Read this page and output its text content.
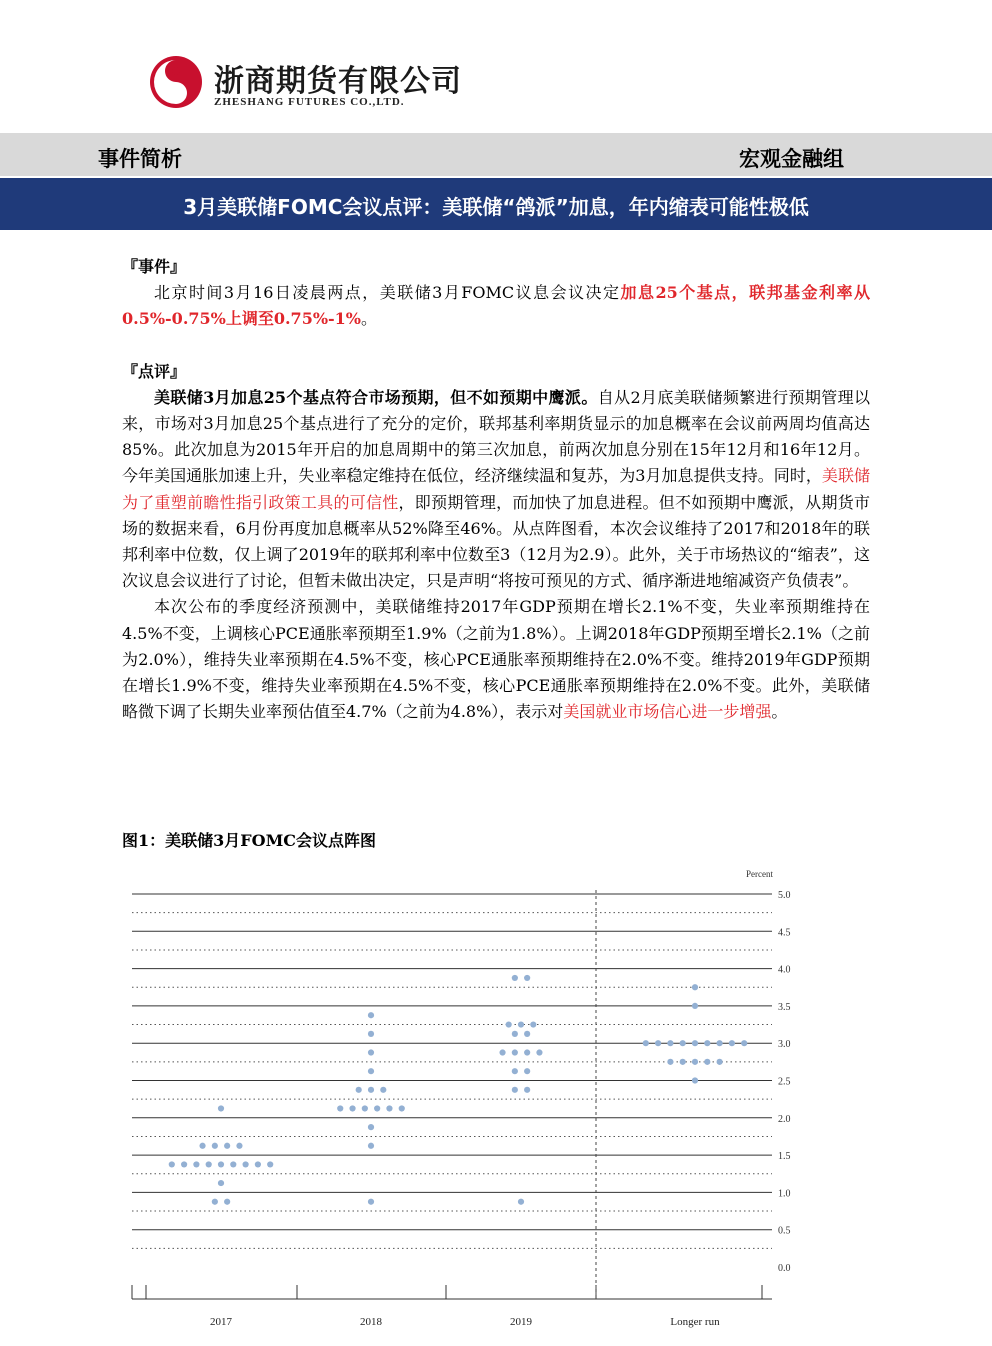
浙商期货有限公司
ZHESHANG FUTURES CO.,LTD.
事件简析	宏观金融组
3月美联储FOMC会议点评：美联储“鸽派”加息，年内缩表可能性极低

『事件』

北京时间3月16日凌晨两点，美联储3月FOMC议息会议决定加息25个基点，联邦基金利率从0.5%-0.75%上调至0.75%-1%。

『点评』

美联储3月加息25个基点符合市场预期，但不如预期中鹰派。自从2月底美联储频繁进行预期管理以来，市场对3月加息25个基点进行了充分的定价，联邦基利率期货显示的加息概率在会议前两周均值高达85%。此次加息为2015年开启的加息周期中的第三次加息，前两次加息分别在15年12月和16年12月。今年美国通胀加速上升，失业率稳定维持在低位，经济继续温和复苏，为3月加息提供支持。同时，美联储为了重塑前瞻性指引政策工具的可信性，即预期管理，而加快了加息进程。但不如预期中鹰派，从期货市场的数据来看，6月份再度加息概率从52%降至46%。从点阵图看，本次会议维持了2017和2018年的联邦利率中位数，仅上调了2019年的联邦利率中位数至3（12月为2.9）。此外，关于市场热议的“缩表”，这次议息会议进行了讨论，但暂未做出决定，只是声明“将按可预见的方式、循序渐进地缩减资产负债表”。

本次公布的季度经济预测中，美联储维持2017年GDP预期在增长2.1%不变，失业率预期维持在4.5%不变，上调核心PCE通胀率预期至1.9%（之前为1.8%）。上调2018年GDP预期至增长2.1%（之前为2.0%），维持失业率预期在4.5%不变，核心PCE通胀率预期维持在2.0%不变。维持2019年GDP预期在增长1.9%不变，维持失业率预期在4.5%不变，核心PCE通胀率预期维持在2.0%不变。此外，美联储略微下调了长期失业率预估值至4.7%（之前为4.8%），表示对美国就业市场信心进一步增强。

图1：美联储3月FOMC会议点阵图
5.0
4.5
4.0
3.5
3.0
2.5
2.0
1.5
1.0
0.5
0.0
Percent
2017	2018	2019	Longer run
